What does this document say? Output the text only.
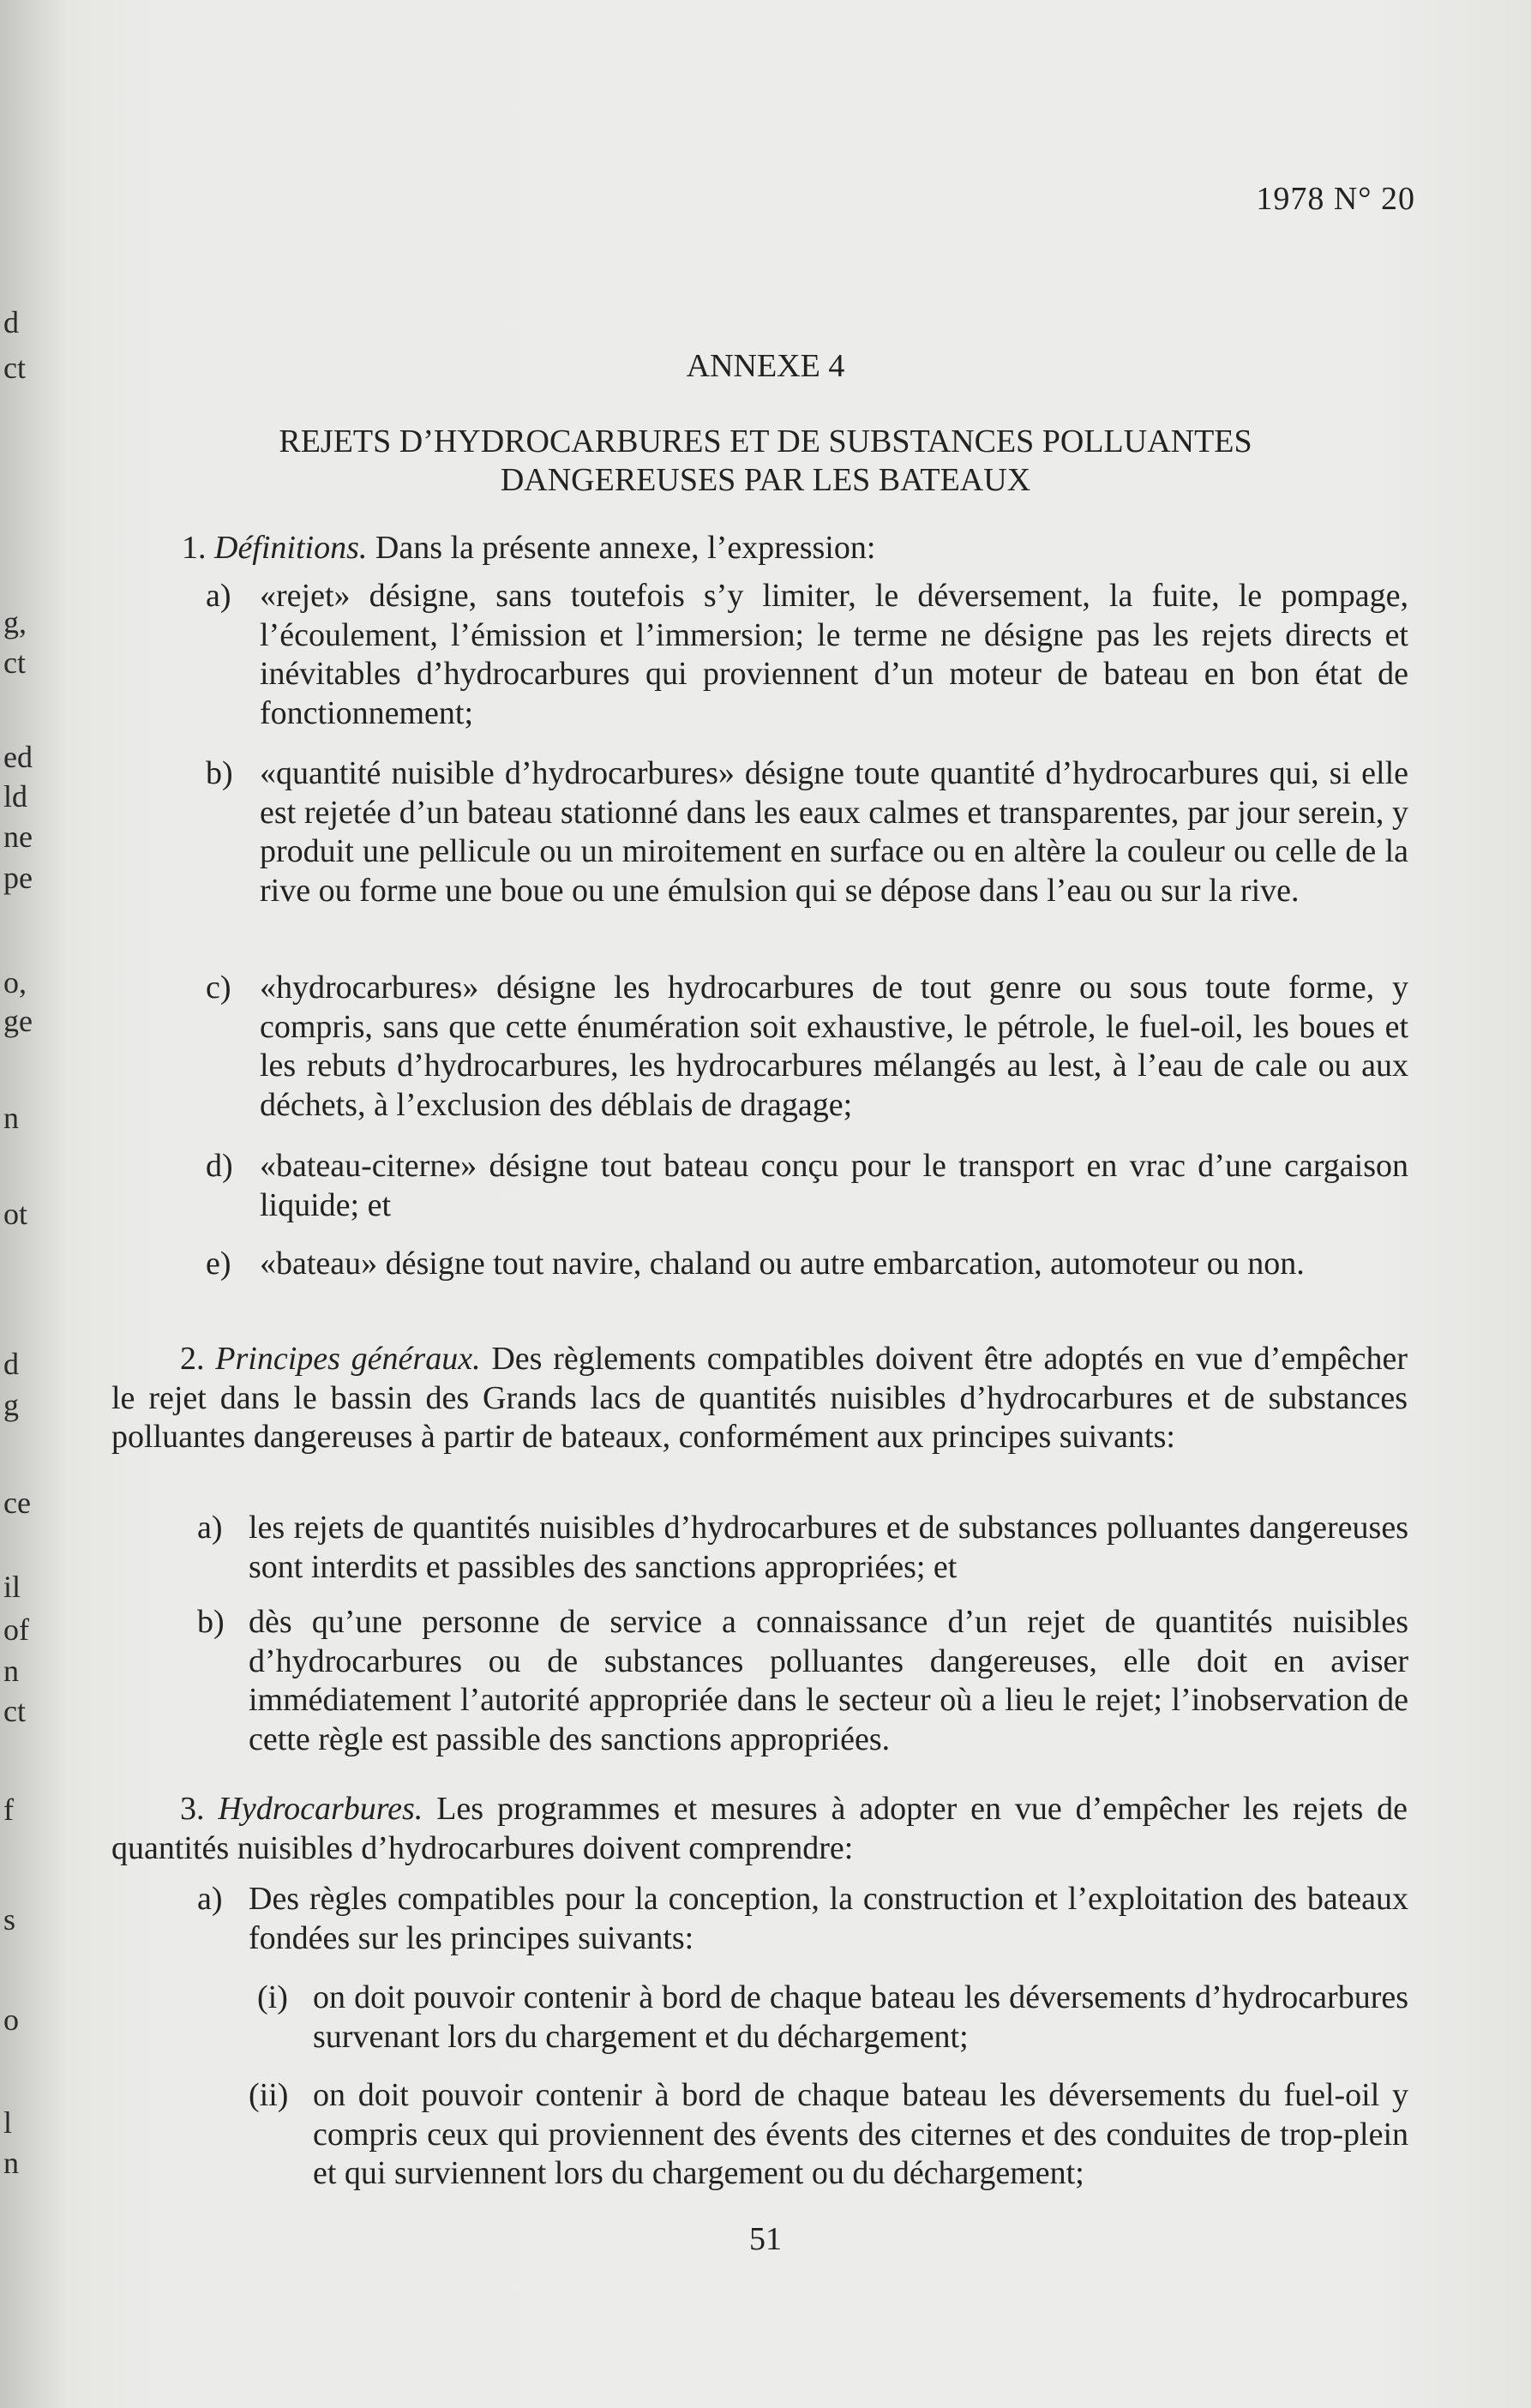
d
ct
g,
ct
ed
ld
ne
pe
o,
ge
n
ot
d
g
ce
il
of
n
ct
f
s
o
l
n
1978 N° 20
ANNEXE 4
REJETS D’HYDROCARBURES ET DE SUBSTANCES POLLUANTES
DANGEREUSES PAR LES BATEAUX
1. Définitions. Dans la présente annexe, l’expression:
a) «rejet» désigne, sans toutefois s’y limiter, le déversement, la fuite, le pompage, l’écoulement, l’émission et l’immersion; le terme ne désigne pas les rejets directs et inévitables d’hydrocarbures qui proviennent d’un moteur de bateau en bon état de fonctionnement;
b) «quantité nuisible d’hydrocarbures» désigne toute quantité d’hydrocarbures qui, si elle est rejetée d’un bateau stationné dans les eaux calmes et transparentes, par jour serein, y produit une pellicule ou un miroitement en surface ou en altère la couleur ou celle de la rive ou forme une boue ou une émulsion qui se dépose dans l’eau ou sur la rive.
c) «hydrocarbures» désigne les hydrocarbures de tout genre ou sous toute forme, y compris, sans que cette énumération soit exhaustive, le pétrole, le fuel-oil, les boues et les rebuts d’hydrocarbures, les hydrocarbures mélangés au lest, à l’eau de cale ou aux déchets, à l’exclusion des déblais de dragage;
d) «bateau-citerne» désigne tout bateau conçu pour le transport en vrac d’une cargaison liquide; et
e) «bateau» désigne tout navire, chaland ou autre embarcation, automoteur ou non.
2. Principes généraux. Des règlements compatibles doivent être adoptés en vue d’empêcher le rejet dans le bassin des Grands lacs de quantités nuisibles d’hydrocarbures et de substances polluantes dangereuses à partir de bateaux, conformément aux principes suivants:
a) les rejets de quantités nuisibles d’hydrocarbures et de substances polluantes dangereuses sont interdits et passibles des sanctions appropriées; et
b) dès qu’une personne de service a connaissance d’un rejet de quantités nuisibles d’hydrocarbures ou de substances polluantes dangereuses, elle doit en aviser immédiatement l’autorité appropriée dans le secteur où a lieu le rejet; l’inobservation de cette règle est passible des sanctions appropriées.
3. Hydrocarbures. Les programmes et mesures à adopter en vue d’empêcher les rejets de quantités nuisibles d’hydrocarbures doivent comprendre:
a) Des règles compatibles pour la conception, la construction et l’exploitation des bateaux fondées sur les principes suivants:
(i) on doit pouvoir contenir à bord de chaque bateau les déversements d’hydrocarbures survenant lors du chargement et du déchargement;
(ii) on doit pouvoir contenir à bord de chaque bateau les déversements du fuel-oil y compris ceux qui proviennent des évents des citernes et des conduites de trop-plein et qui surviennent lors du chargement ou du déchargement;
51
